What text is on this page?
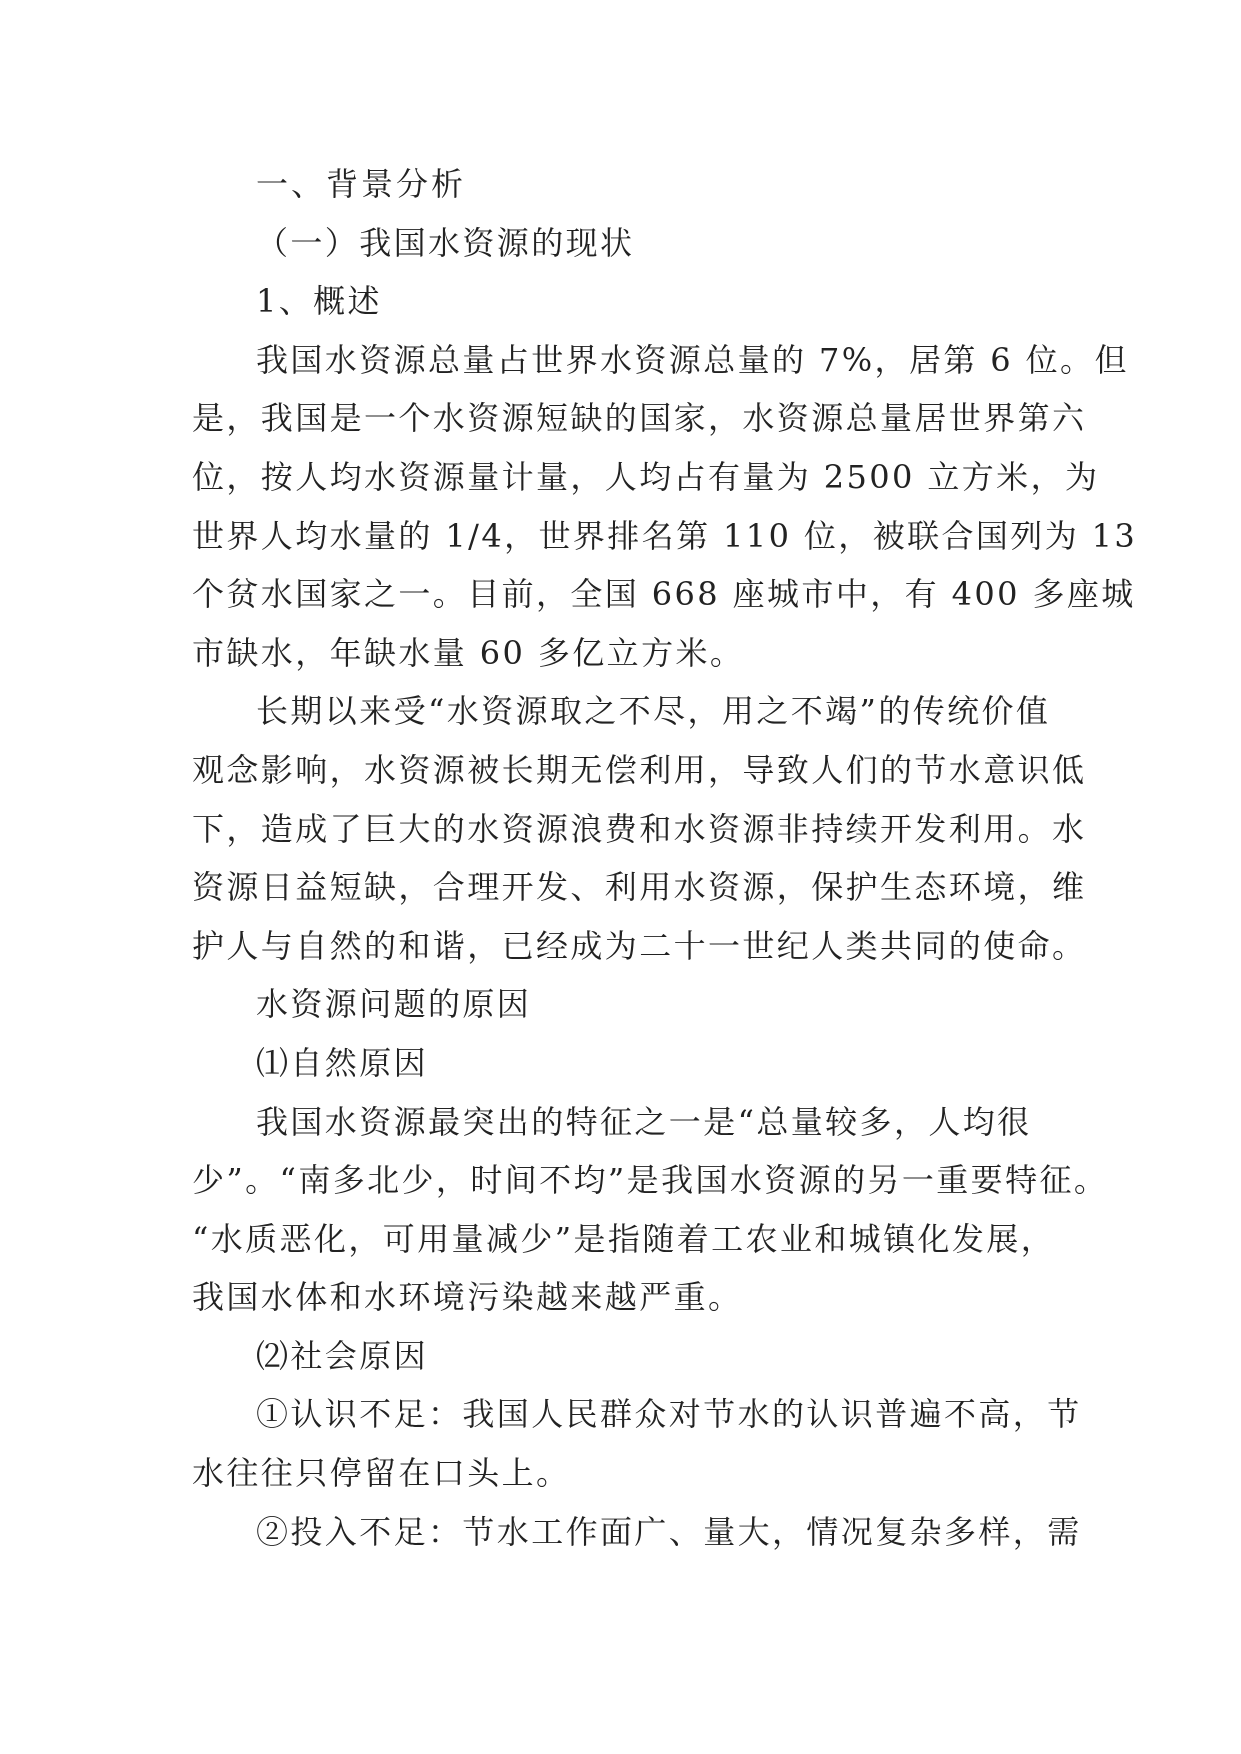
一、背景分析
（一）我国水资源的现状
1、概述
我国水资源总量占世界水资源总量的 7%，居第 6 位。但
是，我国是一个水资源短缺的国家，水资源总量居世界第六
位，按人均水资源量计量，人均占有量为 2500 立方米，为
世界人均水量的 1/4，世界排名第 110 位，被联合国列为 13
个贫水国家之一。目前，全国 668 座城市中，有 400 多座城
市缺水，年缺水量 60 多亿立方米。
长期以来受“水资源取之不尽，用之不竭”的传统价值
观念影响，水资源被长期无偿利用，导致人们的节水意识低
下，造成了巨大的水资源浪费和水资源非持续开发利用。水
资源日益短缺，合理开发、利用水资源，保护生态环境，维
护人与自然的和谐，已经成为二十一世纪人类共同的使命。
水资源问题的原因
⑴自然原因
我国水资源最突出的特征之一是“总量较多，人均很
少”。“南多北少，时间不均”是我国水资源的另一重要特征。
“水质恶化，可用量减少”是指随着工农业和城镇化发展，
我国水体和水环境污染越来越严重。
⑵社会原因
①认识不足：我国人民群众对节水的认识普遍不高，节
水往往只停留在口头上。
②投入不足：节水工作面广、量大，情况复杂多样，需
